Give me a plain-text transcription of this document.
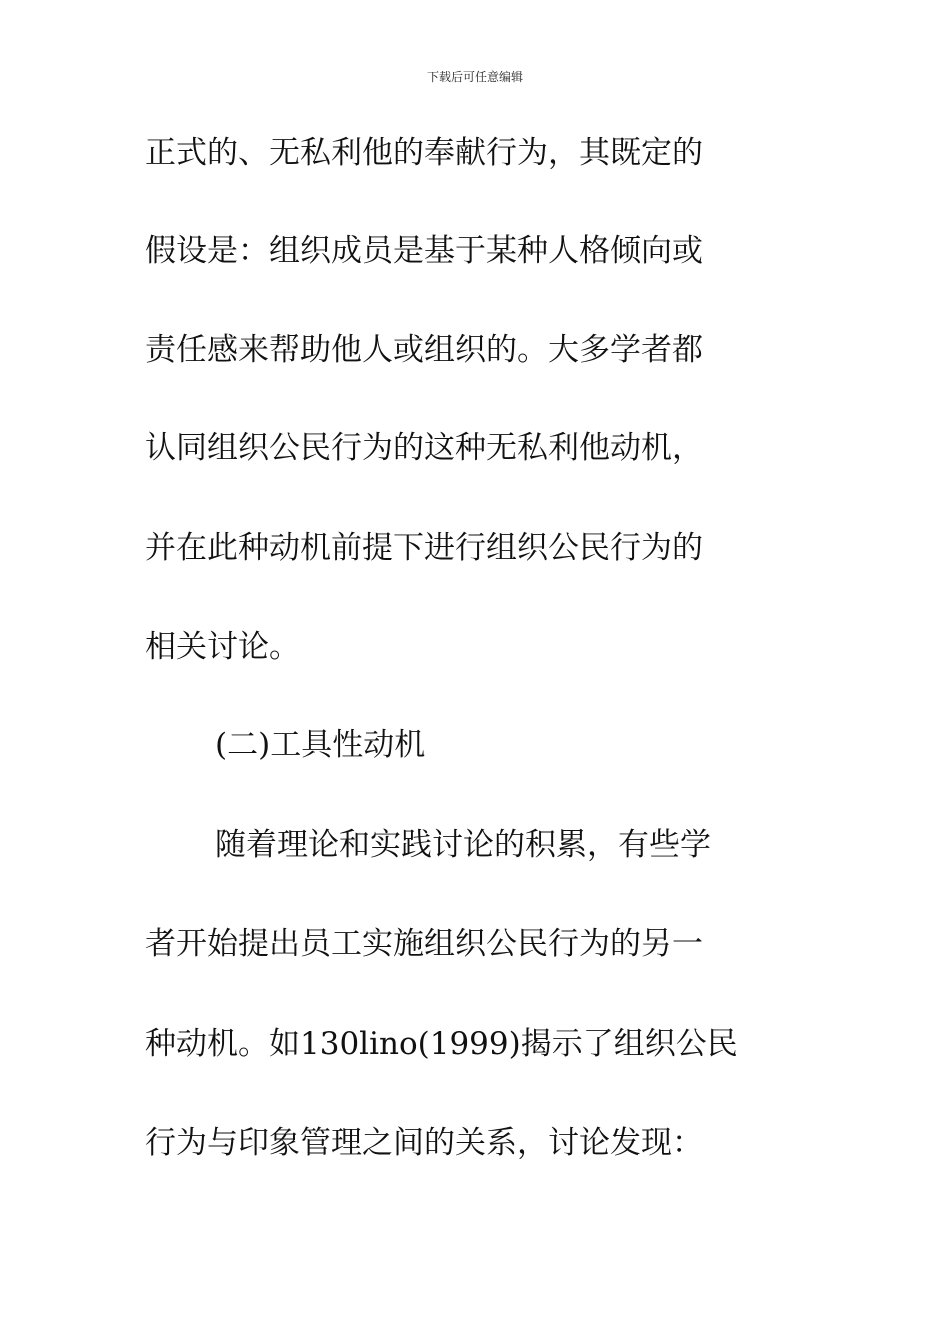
下载后可任意编辑
正式的、无私利他的奉献行为，其既定的
假设是：组织成员是基于某种人格倾向或
责任感来帮助他人或组织的。大多学者都
认同组织公民行为的这种无私利他动机，
并在此种动机前提下进行组织公民行为的
相关讨论。
(二)工具性动机
随着理论和实践讨论的积累，有些学
者开始提出员工实施组织公民行为的另一
种动机。如130lino(1999)揭示了组织公民
行为与印象管理之间的关系，讨论发现：
